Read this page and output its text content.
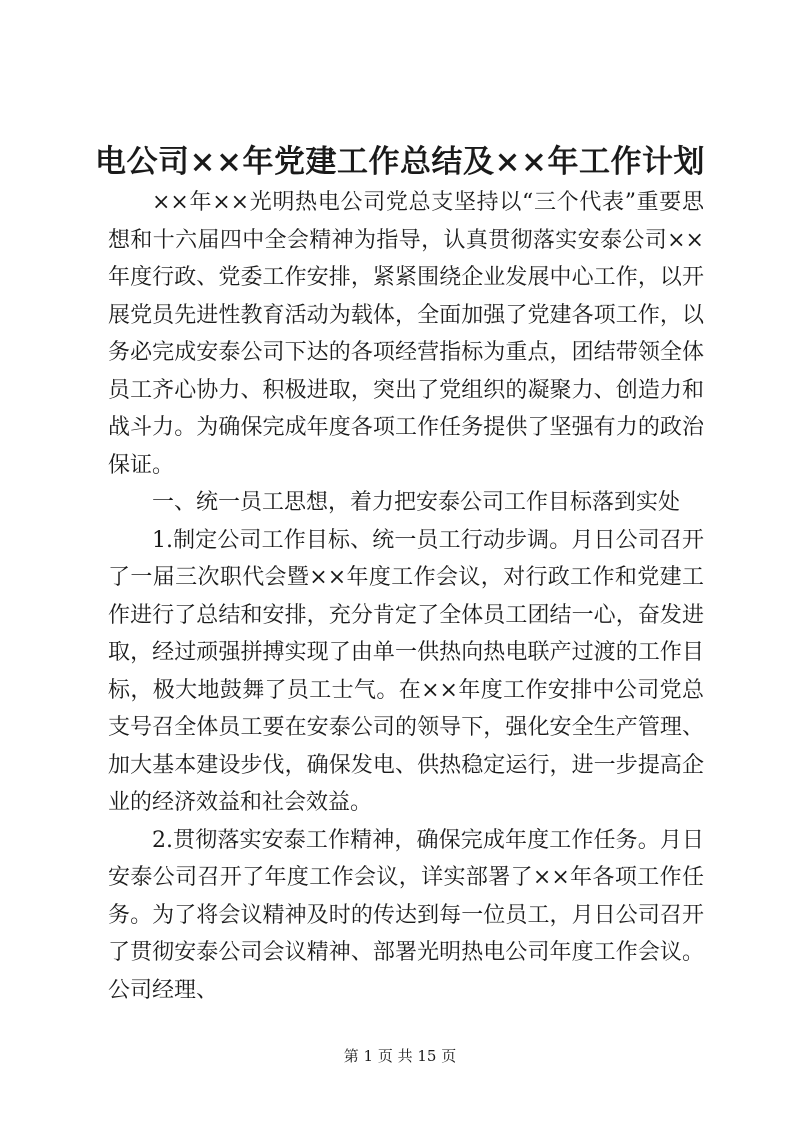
电公司××年党建工作总结及××年工作计划

××年××光明热电公司党总支坚持以“三个代表”重要思想和十六届四中全会精神为指导，认真贯彻落实安泰公司××年度行政、党委工作安排，紧紧围绕企业发展中心工作，以开展党员先进性教育活动为载体，全面加强了党建各项工作，以务必完成安泰公司下达的各项经营指标为重点，团结带领全体员工齐心协力、积极进取，突出了党组织的凝聚力、创造力和战斗力。为确保完成年度各项工作任务提供了坚强有力的政治保证。

一、统一员工思想，着力把安泰公司工作目标落到实处

1.制定公司工作目标、统一员工行动步调。月日公司召开了一届三次职代会暨××年度工作会议，对行政工作和党建工作进行了总结和安排，充分肯定了全体员工团结一心，奋发进取，经过顽强拼搏实现了由单一供热向热电联产过渡的工作目标，极大地鼓舞了员工士气。在××年度工作安排中公司党总支号召全体员工要在安泰公司的领导下，强化安全生产管理、加大基本建设步伐，确保发电、供热稳定运行，进一步提高企业的经济效益和社会效益。

2.贯彻落实安泰工作精神，确保完成年度工作任务。月日安泰公司召开了年度工作会议，详实部署了××年各项工作任务。为了将会议精神及时的传达到每一位员工，月日公司召开了贯彻安泰公司会议精神、部署光明热电公司年度工作会议。公司经理、

第 1 页 共 15 页
